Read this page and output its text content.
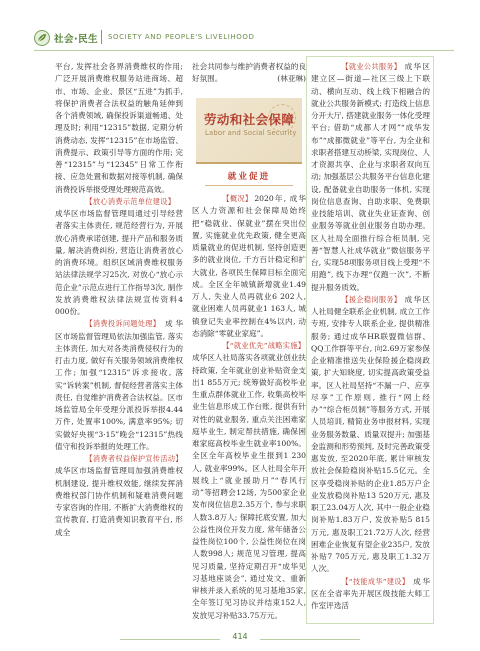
社会·民生 SOCIETY AND PEOPLE'S LIVELIHOOD

平台, 发挥社会各界消费维权的作用; 广泛开展消费维权服务站进商场、超市、市场、企业、景区“五进”为抓手, 将保护消费者合法权益的触角延伸到各个消费领域, 确保投诉渠道畅通、处理及时; 利用“12315”数据, 定期分析消费动态, 发挥“12315”在市场监管、消费提示、政策引导等方面的作用; 完善“12315”与“12345”日常工作衔接、应急处置和数据对接等机制, 确保消费投诉举报受理处理规范高效。

【放心消费示范单位建设】成华区市场监督管理局通过引导经营者落实主体责任, 规范经营行为, 开展放心消费承诺创建, 提升产品和服务质量, 解决消费纠纷, 营造让消费者放心的消费环境。组织区域消费维权服务站法律法规学习25次, 对放心“放心示范企业”示范点进行工作指导3次, 制作发放消费维权法律法规宣传资料4 000份。

【消费投诉问题处理】 成华区市场监督管理局依法加强监管, 落实主体责任, 加大对各类消费侵权行为的打击力度, 做好有关服务领域消费维权工作; 加强“12315”诉求接收, 落实“诉转案”机制, 督促经营者落实主体责任, 自觉维护消费者合法权益。区市场监管局全年受理分派投诉举报4.44万件, 处置率100%, 满意率95%; 切实做好央视“3·15”晚会“12315”热线值守和投诉举报的处理工作。

【消费者权益保护宣传活动】成华区市场监督管理局加强消费维权机制建设, 提升维权效能, 继续发挥消费维权部门协作机制和疑难消费问题专家咨询的作用, 不断扩大消费维权的宣传教育, 打造消费知识教育平台, 形成全

社会共同参与维护消费者权益的良好氛围。	(林亚琳)

劳动和社会保障
Labor and Social Security
就业促进

【概况】 2020年, 成华区人力资源和社会保障局始终把“稳就业、保就业”摆在突出位置, 实施就业优先政策, 健全更高质量就业的促进机制, 坚持创造更多的就业岗位, 千方百计稳定和扩大就业, 各项民生保障目标全面完成。全区全年城镇新增就业1.49万人, 失业人员再就业6 202人, 就业困难人员再就业1 163人, 城镇登记失业率控制在4%以内, 动态消除“零就业家庭”。

【“就业优先”战略实施】成华区人社局落实各项就业创业扶持政策, 全年就业创业补贴资金支出1 855万元; 统筹做好高校毕业生重点群体就业工作, 收集高校毕业生信息形成工作台账, 提供有针对性的就业服务, 重点关注困难家庭毕业生, 制定帮扶措施, 确保困难家庭高校毕业生就业率100%。全区全年高校毕业生报到1 230人, 就业率99%。区人社局全年开展线上“就业援助月”“春风行动”等招聘会12场, 为500家企业发布岗位信息2.35万个, 参与求职人数3.8万人; 保障托底安置, 加大公益性岗位开发力度, 常年储备公益性岗位100个, 公益性岗位在岗人数998人; 规范见习管理, 提高见习质量, 坚持定期召开“成华见习基地座谈会”, 通过发文、重新审核并录入系统的见习基地35家, 全年签订见习协议并结束152人, 发放见习补贴33.75万元。

【就业公共服务】 成华区建立区—街道—社区三级上下联动、横向互动、线上线下相融合的就业公共服务新模式; 打造线上信息分开大厅, 搭建就业服务一体化受理平台; 借助“成都人才网”“成华发布”“成都微就业”等平台, 为全业和求职者搭建互动桥梁, 实现岗位、人才资源共享、企业与求职者双向互动; 加强基层公共服务平台信息化建设, 配备就业自助服务一体机, 实现岗位信息查询、自助求职、免费职业技能培训、就业失业证查询、创业服务等就业创业服务自助办理。区人社局全面推行综合柜员制, 完善“智慧人社成华就业”微信服务平台, 实现58项服务项目线上受理“不用跑”, 线下办理“仅跑一次”, 不断提升服务质效。

【援企稳岗服务】 成华区人社局健全联系企业机制, 成立工作专班, 安排专人联系企业, 提供精准服务; 通过成华HR联盟微信群、QQ工作群等平台, 向2.69万家参保企业精准推送失业保险援企稳岗政策, 扩大知晓度, 切实提高政策受益率。区人社局坚持“不漏一户、应享尽享”工作原则, 推行“网上经办”“综合柜员制”等服务方式, 开展人员培训, 精简业务申报材料, 实现业务服务数量、质量双提升; 加强基金监测和形势预判, 及时完善政策受惠发放, 至2020年底, 累计审核发放社会保险稳岗补贴15.5亿元。全区享受稳岗补贴的企业1.85万户企业发放稳岗补贴13 520万元, 惠及职工23.04万人次, 其中一般企业稳岗补贴1.83万户, 发放补贴5 815万元, 惠及职工21.72万人次, 经营困难企业恢复有望企业235户, 发放补贴7 705万元, 惠及职工1.32万人次。

【“技能成华”建设】 成华区在全省率先开展区级技能大师工作室评选活

414
